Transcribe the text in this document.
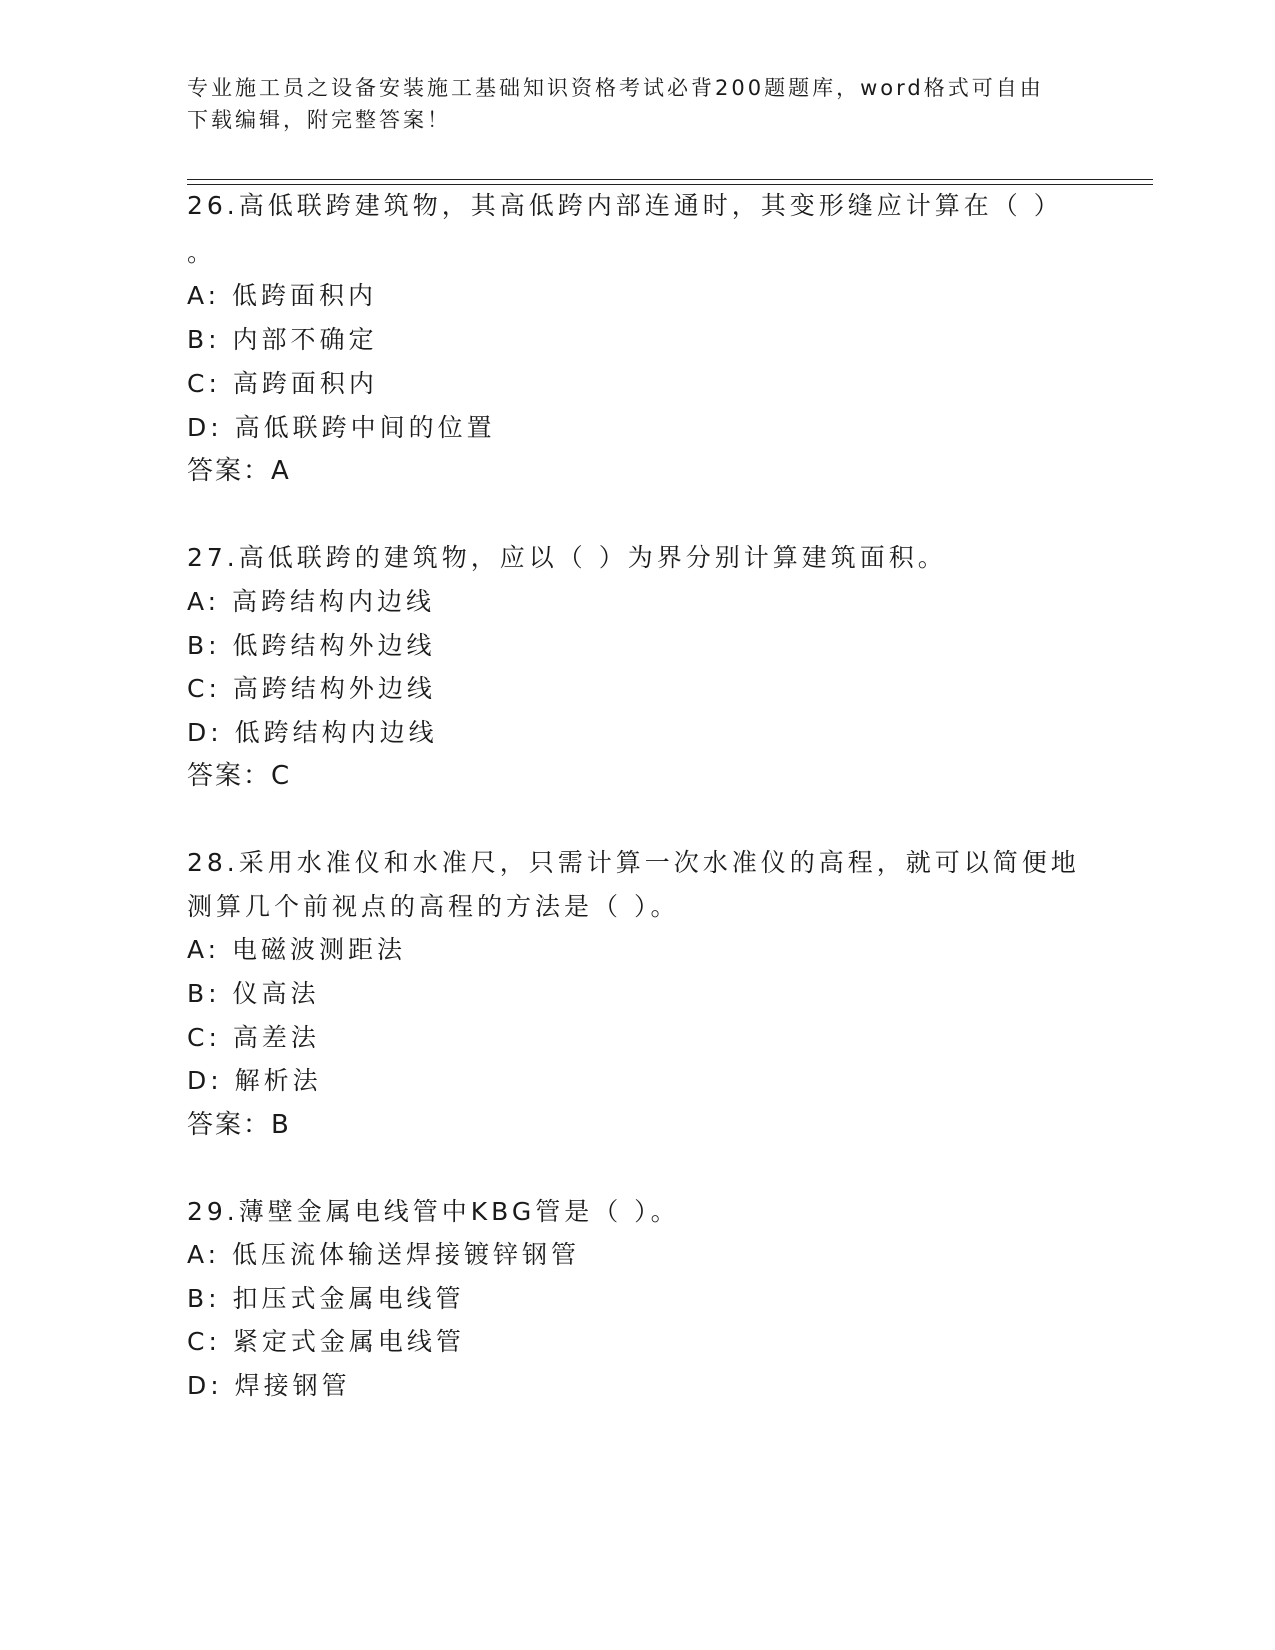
专业施工员之设备安装施工基础知识资格考试必背200题题库，word格式可自由
下载编辑，附完整答案！
26.高低联跨建筑物，其高低跨内部连通时，其变形缝应计算在（ ）
。
A: 低跨面积内
B: 内部不确定
C: 高跨面积内
D: 高低联跨中间的位置
答案：A
27.高低联跨的建筑物，应以（ ）为界分别计算建筑面积。
A: 高跨结构内边线
B: 低跨结构外边线
C: 高跨结构外边线
D: 低跨结构内边线
答案：C
28.采用水准仪和水准尺，只需计算一次水准仪的高程，就可以简便地
测算几个前视点的高程的方法是（ ）。
A: 电磁波测距法
B: 仪高法
C: 高差法
D: 解析法
答案：B
29.薄壁金属电线管中KBG管是（ ）。
A: 低压流体输送焊接镀锌钢管
B: 扣压式金属电线管
C: 紧定式金属电线管
D: 焊接钢管
